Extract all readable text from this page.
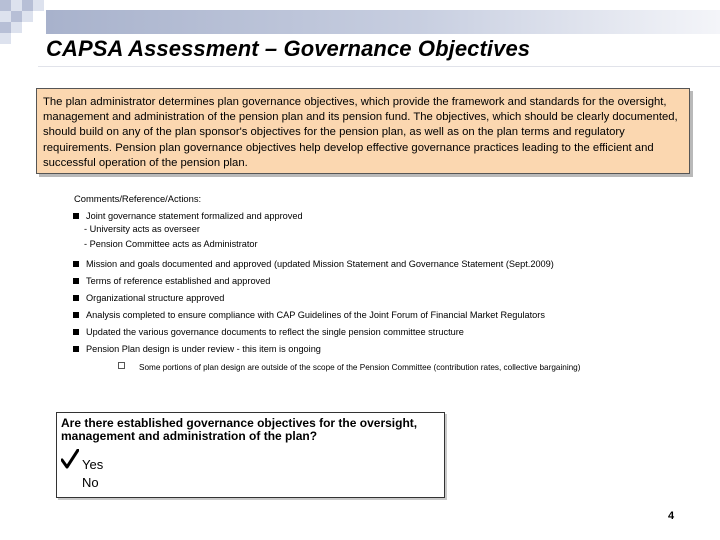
CAPSA Assessment – Governance Objectives
The plan administrator determines plan governance objectives, which provide the framework and standards for the oversight, management and administration of the pension plan and its pension fund. The objectives, which should be clearly documented, should build on any of the plan sponsor's objectives for the pension plan, as well as on the plan terms and regulatory requirements. Pension plan governance objectives help develop effective governance practices leading to the efficient and successful operation of the pension plan.
Comments/Reference/Actions:
Joint governance statement formalized and approved
- University acts as overseer
- Pension Committee acts as Administrator
Mission and goals documented and approved (updated Mission Statement and Governance Statement (Sept.2009)
Terms of reference established and approved
Organizational structure approved
Analysis completed to ensure compliance with CAP Guidelines of the Joint Forum of Financial Market Regulators
Updated the various governance documents to reflect the single pension committee structure
Pension Plan design is under review - this item is ongoing
Some portions of plan design are outside of the scope of the Pension Committee (contribution rates, collective bargaining)
Are there established governance objectives for the oversight, management and administration of the plan?
Yes
No
4
